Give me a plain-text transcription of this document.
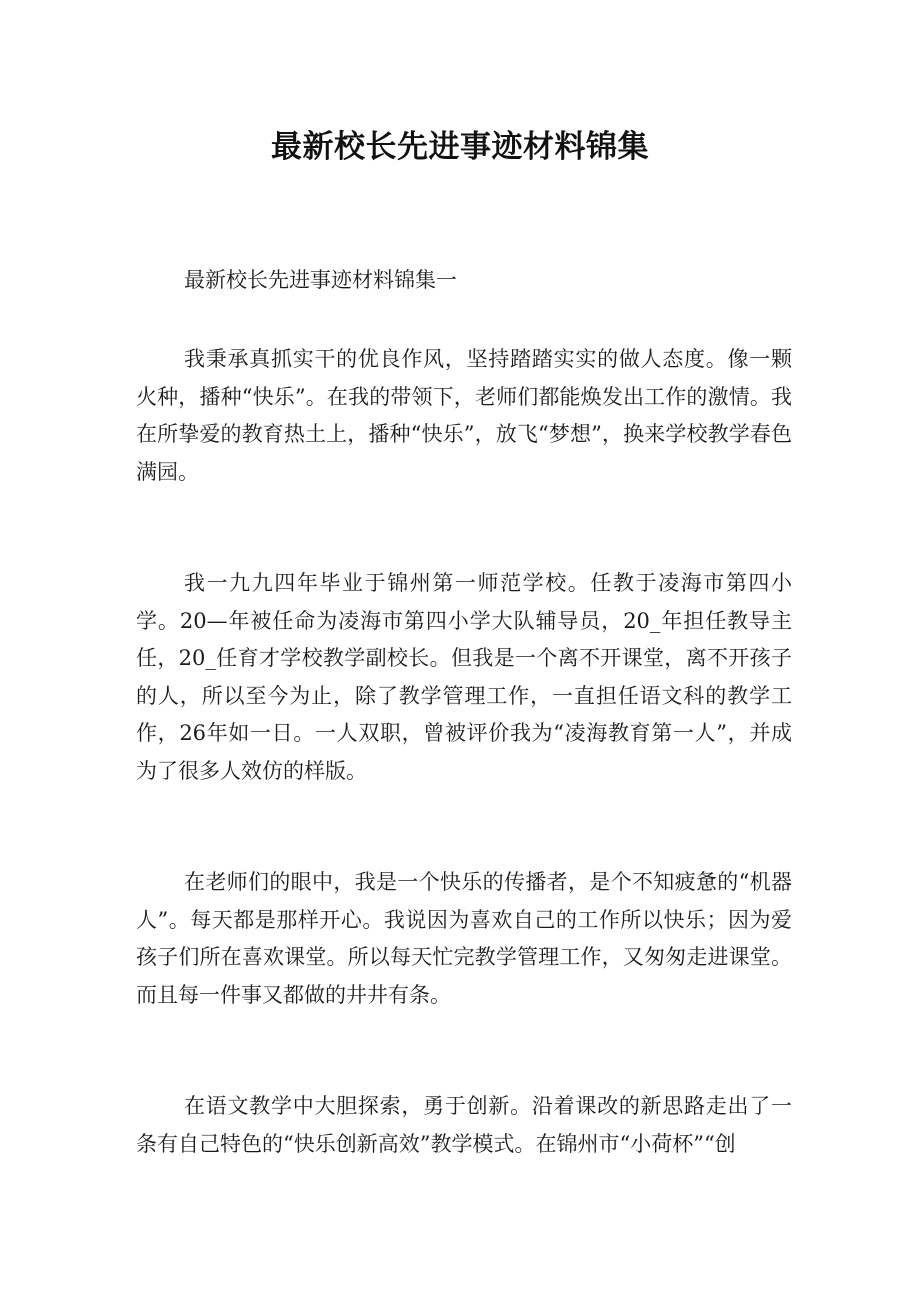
最新校长先进事迹材料锦集

最新校长先进事迹材料锦集一

我秉承真抓实干的优良作风，坚持踏踏实实的做人态度。像一颗火种，播种“快乐”。在我的带领下，老师们都能焕发出工作的激情。我在所挚爱的教育热土上，播种“快乐”，放飞“梦想”，换来学校教学春色满园。

我一九九四年毕业于锦州第一师范学校。任教于凌海市第四小学。20—年被任命为凌海市第四小学大队辅导员，20_年担任教导主任，20_任育才学校教学副校长。但我是一个离不开课堂，离不开孩子的人，所以至今为止，除了教学管理工作，一直担任语文科的教学工作，26年如一日。一人双职，曾被评价我为“凌海教育第一人”，并成为了很多人效仿的样版。

在老师们的眼中，我是一个快乐的传播者，是个不知疲惫的“机器人”。每天都是那样开心。我说因为喜欢自己的工作所以快乐；因为爱孩子们所在喜欢课堂。所以每天忙完教学管理工作，又匆匆走进课堂。而且每一件事又都做的井井有条。

在语文教学中大胆探索，勇于创新。沿着课改的新思路走出了一条有自己特色的“快乐创新高效”教学模式。在锦州市“小荷杯”“创
